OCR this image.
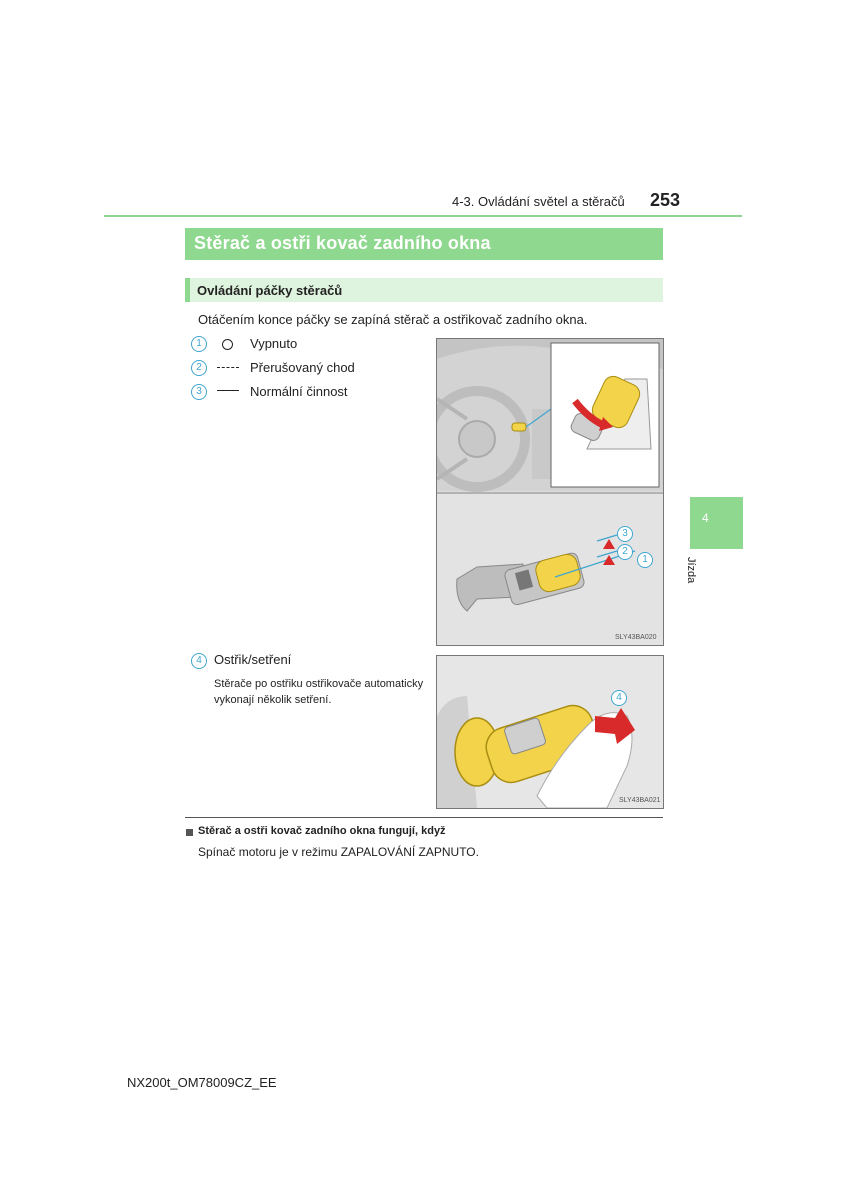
4-3. Ovládání světel a stěračů 253
Stěrač a ostři kovač zadního okna
Ovládání páčky stěračů
Otáčením konce páčky se zapíná stěrač a ostřikovač zadního okna.
1	Vypnuto
2	Přerušovaný chod
3	Normální činnost
4 Ostřik/setření
Stěrače po ostřiku ostřikovače automaticky vykonají několik setření.
3
2
1
SLY43BA020
4
SLY43BA021
Stěrač a ostři kovač zadního okna fungují, když
Spínač motoru je v režimu ZAPALOVÁNÍ ZAPNUTO.
4
Jízda
NX200t_OM78009CZ_EE
